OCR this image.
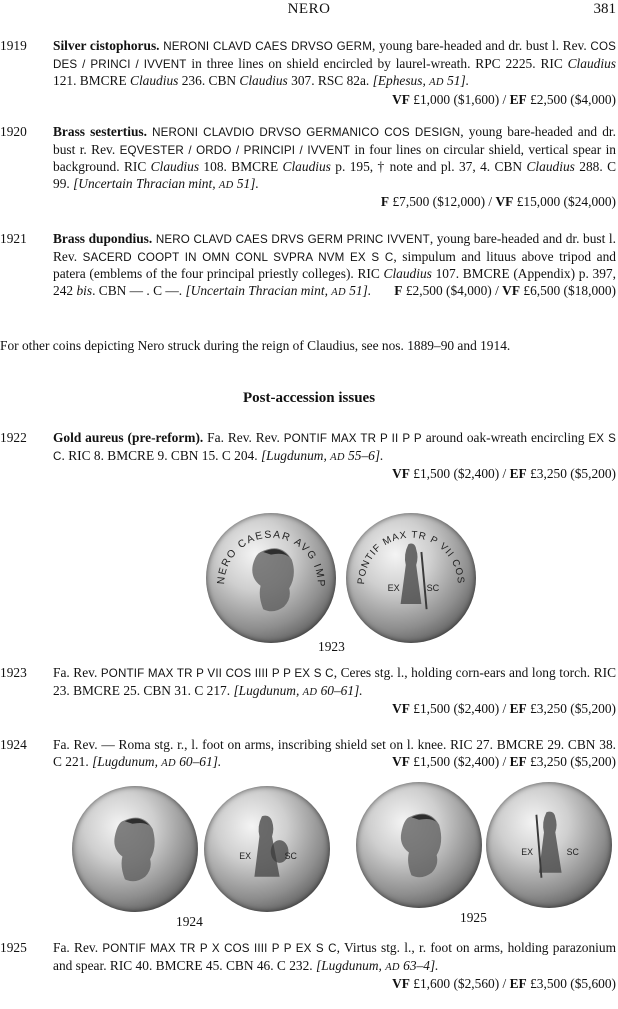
NERO	381
1919 Silver cistophorus. NERONI CLAVD CAES DRVSO GERM, young bare-headed and dr. bust l. Rev. COS DES / PRINCI / IVVENT in three lines on shield encircled by laurel-wreath. RPC 2225. RIC Claudius 121. BMCRE Claudius 236. CBN Claudius 307. RSC 82a. [Ephesus, AD 51].
VF £1,000 ($1,600) / EF £2,500 ($4,000)
1920 Brass sestertius. NERONI CLAVDIO DRVSO GERMANICO COS DESIGN, young bare-headed and dr. bust r. Rev. EQVESTER / ORDO / PRINCIPI / IVVENT in four lines on circular shield, vertical spear in background. RIC Claudius 108. BMCRE Claudius p. 195, † note and pl. 37, 4. CBN Claudius 288. C 99. [Uncertain Thracian mint, AD 51].
F £7,500 ($12,000) / VF £15,000 ($24,000)
1921 Brass dupondius. NERO CLAVD CAES DRVS GERM PRINC IVVENT, young bare-headed and dr. bust l. Rev. SACERD COOPT IN OMN CONL SVPRA NVM EX S C, simpulum and lituus above tripod and patera (emblems of the four principal priestly colleges). RIC Claudius 107. BMCRE (Appendix) p. 397, 242 bis. CBN — . C —. [Uncertain Thracian mint, AD 51]. F £2,500 ($4,000) / VF £6,500 ($18,000)
For other coins depicting Nero struck during the reign of Claudius, see nos. 1889–90 and 1914.
Post-accession issues
1922 Gold aureus (pre-reform). Fa. Rev. Rev. PONTIF MAX TR P II P P around oak-wreath encircling EX S C. RIC 8. BMCRE 9. CBN 15. C 204. [Lugdunum, AD 55–6].
VF £1,500 ($2,400) / EF £3,250 ($5,200)
NERO CAESAR AVG IMP	PONTIF MAX TR P VII COS
EX	SC
1923
1923 Fa. Rev. PONTIF MAX TR P VII COS IIII P P EX S C, Ceres stg. l., holding corn-ears and long torch. RIC 23. BMCRE 25. CBN 31. C 217. [Lugdunum, AD 60–61].
VF £1,500 ($2,400) / EF £3,250 ($5,200)
1924 Fa. Rev. — Roma stg. r., l. foot on arms, inscribing shield set on l. knee. RIC 27. BMCRE 29. CBN 38. C 221. [Lugdunum, AD 60–61].	VF £1,500 ($2,400) / EF £3,250 ($5,200)
EX	SC	EX	SC
1924	1925
1925 Fa. Rev. PONTIF MAX TR P X COS IIII P P EX S C, Virtus stg. l., r. foot on arms, holding parazonium and spear. RIC 40. BMCRE 45. CBN 46. C 232. [Lugdunum, AD 63–4].
VF £1,600 ($2,560) / EF £3,500 ($5,600)
